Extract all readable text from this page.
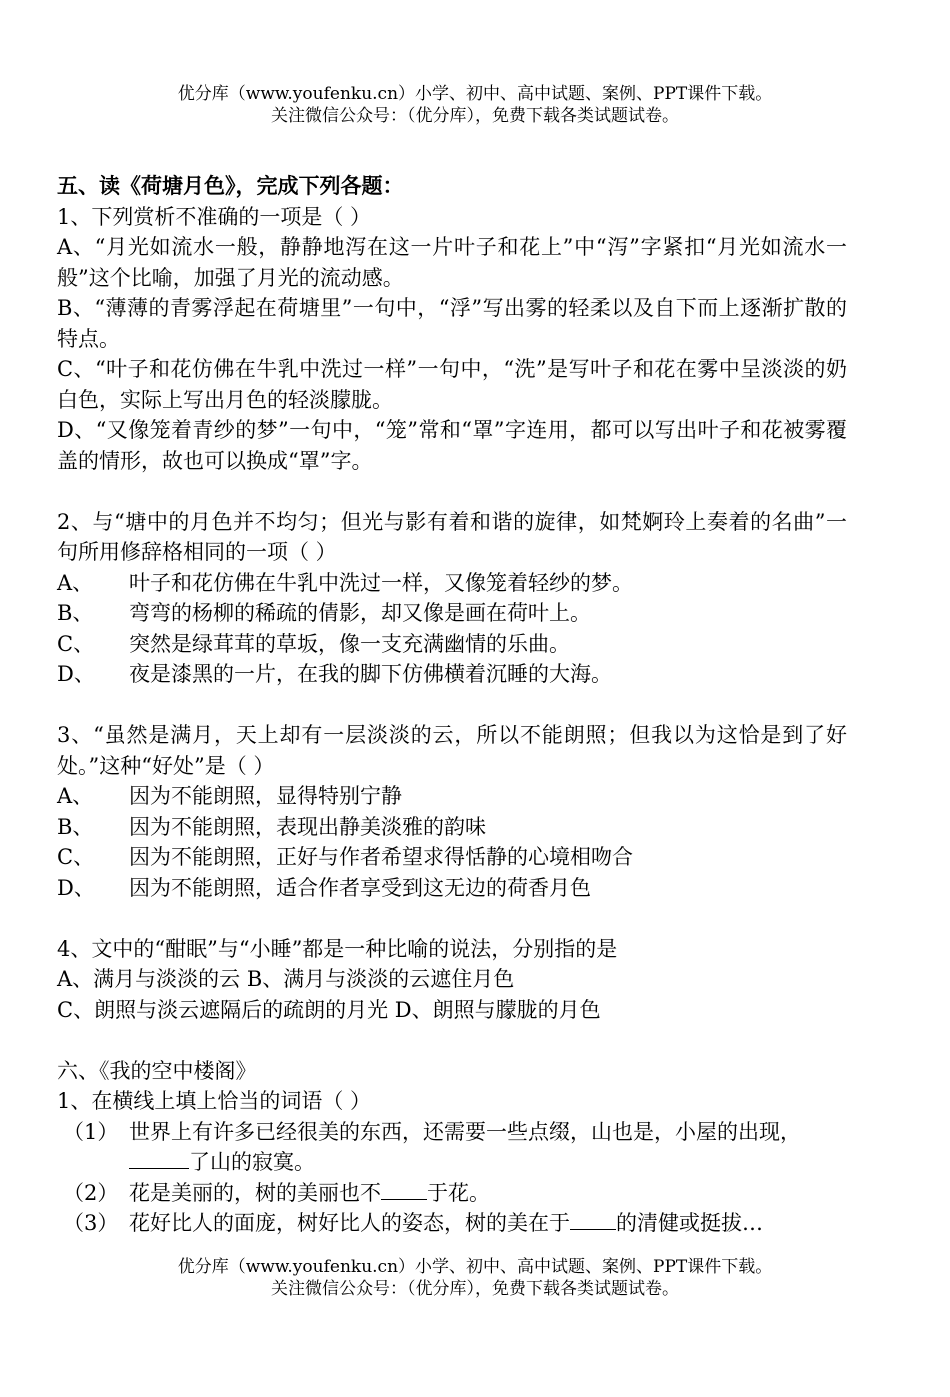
优分库（www.youfenku.cn）小学、初中、高中试题、案例、PPT课件下载。
关注微信公众号：（优分库），免费下载各类试题试卷。
五、读《荷塘月色》，完成下列各题：
1、下列赏析不准确的一项是（ ）
A、“月光如流水一般，静静地泻在这一片叶子和花上”中“泻”字紧扣“月光如流水一般”这个比喻，加强了月光的流动感。
B、“薄薄的青雾浮起在荷塘里”一句中，“浮”写出雾的轻柔以及自下而上逐渐扩散的特点。
C、“叶子和花仿佛在牛乳中洗过一样”一句中，“洗”是写叶子和花在雾中呈淡淡的奶白色，实际上写出月色的轻淡朦胧。
D、“又像笼着青纱的梦”一句中，“笼”常和“罩”字连用，都可以写出叶子和花被雾覆盖的情形，故也可以换成“罩”字。
2、与“塘中的月色并不均匀；但光与影有着和谐的旋律，如梵婀玲上奏着的名曲”一句所用修辞格相同的一项（ ）
A、	叶子和花仿佛在牛乳中洗过一样，又像笼着轻纱的梦。
B、	弯弯的杨柳的稀疏的倩影，却又像是画在荷叶上。
C、	突然是绿茸茸的草坂，像一支充满幽情的乐曲。
D、	夜是漆黑的一片，在我的脚下仿佛横着沉睡的大海。
3、“虽然是满月，天上却有一层淡淡的云，所以不能朗照；但我以为这恰是到了好处。”这种“好处”是（ ）
A、	因为不能朗照，显得特别宁静
B、	因为不能朗照，表现出静美淡雅的韵味
C、	因为不能朗照，正好与作者希望求得恬静的心境相吻合
D、	因为不能朗照，适合作者享受到这无边的荷香月色
4、文中的“酣眠”与“小睡”都是一种比喻的说法，分别指的是
A、满月与淡淡的云 B、满月与淡淡的云遮住月色
C、朗照与淡云遮隔后的疏朗的月光 D、朗照与朦胧的月色
六、《我的空中楼阁》
1、在横线上填上恰当的词语（ ）
（1） 世界上有许多已经很美的东西，还需要一些点缀，山也是，小屋的出现，了山的寂寞。
（2） 花是美丽的，树的美丽也不 于花。
（3） 花好比人的面庞，树好比人的姿态，树的美在于 的清健或挺拔…
优分库（www.youfenku.cn）小学、初中、高中试题、案例、PPT课件下载。
关注微信公众号：（优分库），免费下载各类试题试卷。
